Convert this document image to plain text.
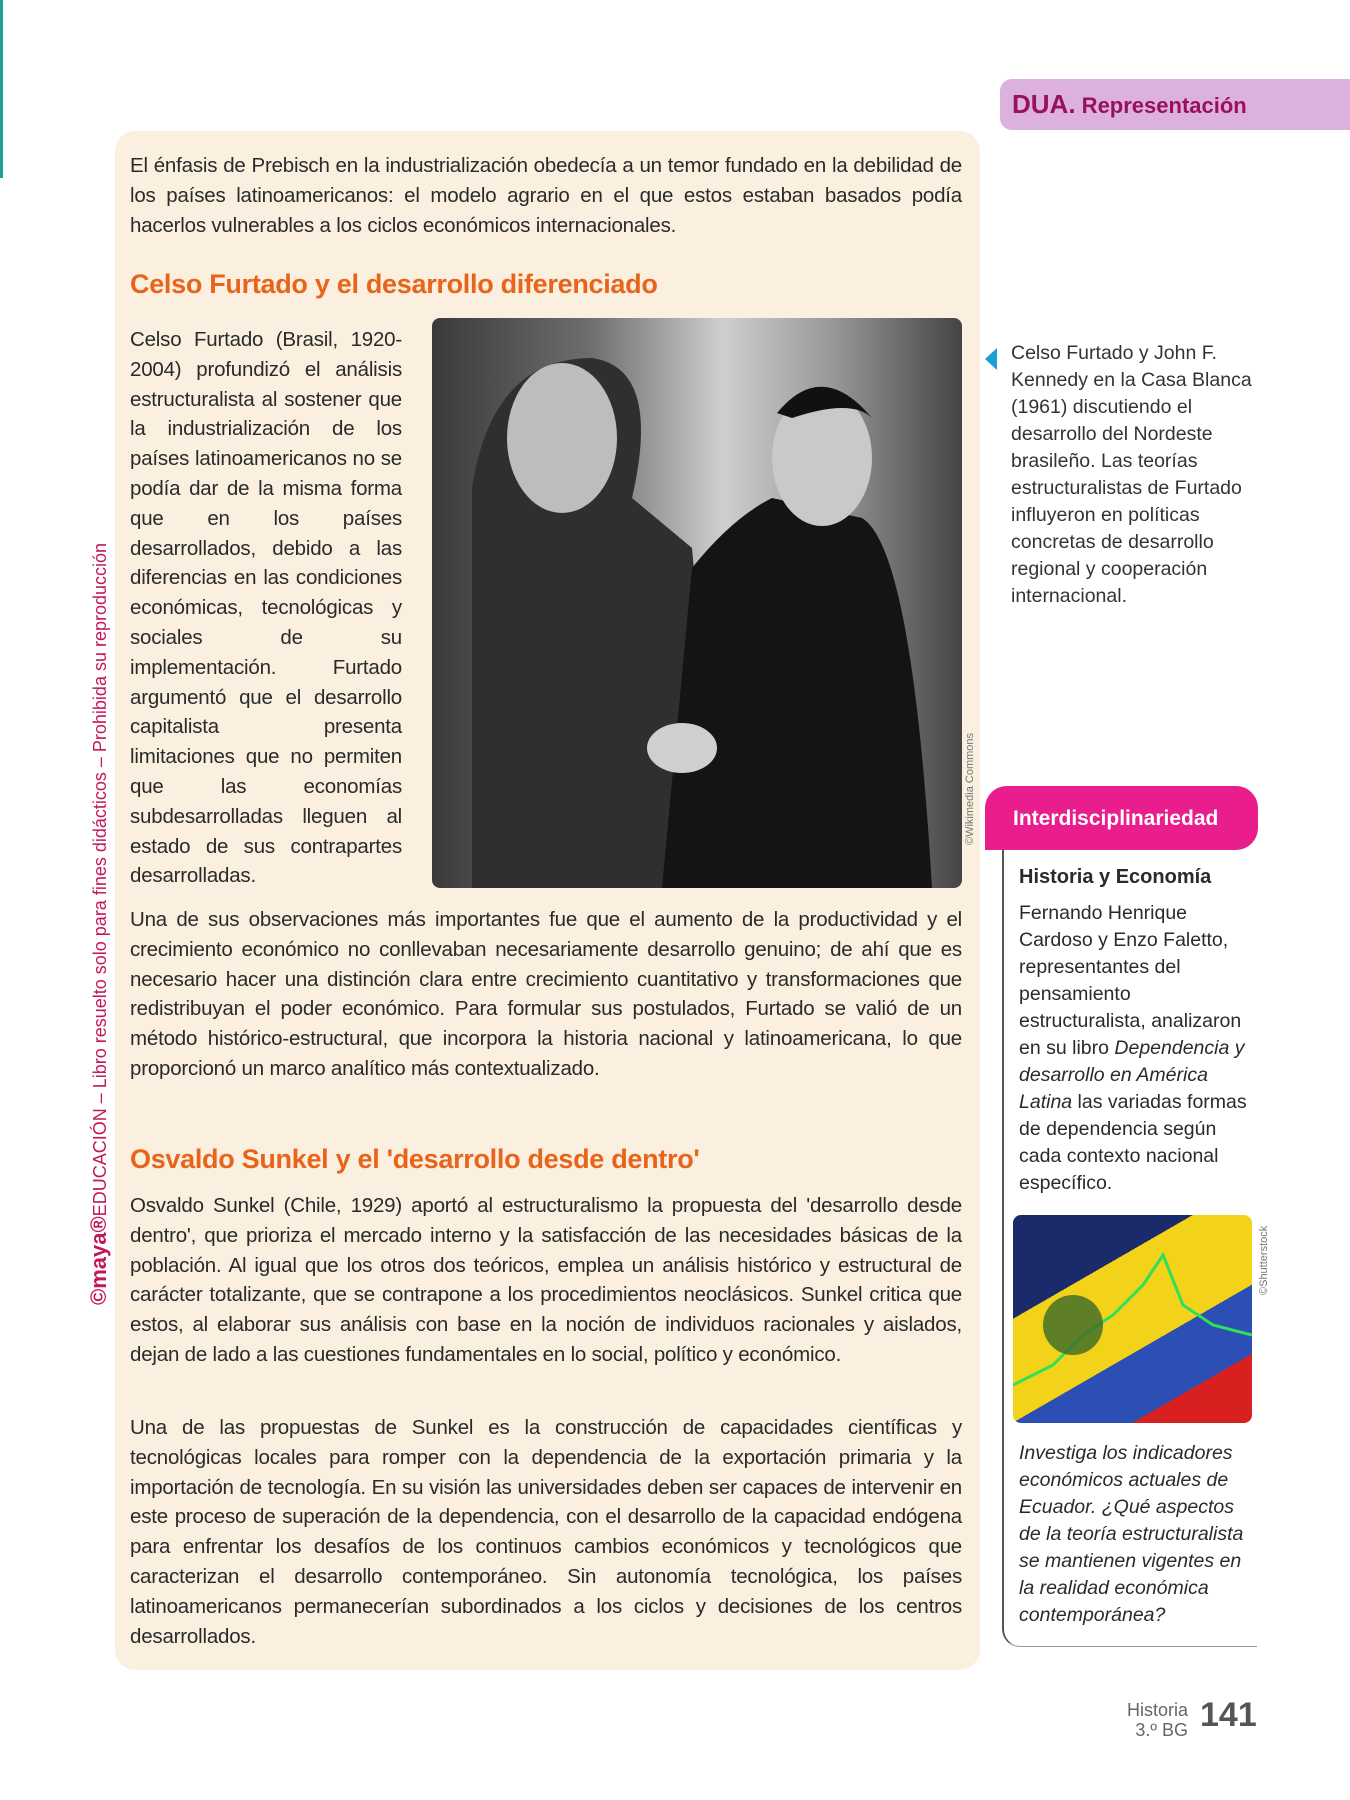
DUA. Representación

El énfasis de Prebisch en la industrialización obedecía a un temor fundado en la debilidad de los países latinoamericanos: el modelo agrario en el que estos estaban basados podía hacerlos vulnerables a los ciclos económicos internacionales.

Celso Furtado y el desarrollo diferenciado

Celso Furtado (Brasil, 1920-2004) profundizó el análisis estructuralista al sostener que la industrialización de los países latinoamericanos no se podía dar de la misma forma que en los países desarrollados, debido a las diferencias en las condiciones económicas, tecnológicas y sociales de su implementación. Furtado argumentó que el desarrollo capitalista presenta limitaciones que no permiten que las economías subdesarrolladas lleguen al estado de sus contrapartes desarrolladas.

©Wikimedia Commons

Celso Furtado y John F. Kennedy en la Casa Blanca (1961) discutiendo el desarrollo del Nordeste brasileño. Las teorías estructuralistas de Furtado influyeron en políticas concretas de desarrollo regional y cooperación internacional.

Una de sus observaciones más importantes fue que el aumento de la productividad y el crecimiento económico no conllevaban necesariamente desarrollo genuino; de ahí que es necesario hacer una distinción clara entre crecimiento cuantitativo y transformaciones que redistribuyan el poder económico. Para formular sus postulados, Furtado se valió de un método histórico-estructural, que incorpora la historia nacional y latinoamericana, lo que proporcionó un marco analítico más contextualizado.

Osvaldo Sunkel y el 'desarrollo desde dentro'

Osvaldo Sunkel (Chile, 1929) aportó al estructuralismo la propuesta del 'desarrollo desde dentro', que prioriza el mercado interno y la satisfacción de las necesidades básicas de la población. Al igual que los otros dos teóricos, emplea un análisis histórico y estructural de carácter totalizante, que se contrapone a los procedimientos neoclásicos. Sunkel critica que estos, al elaborar sus análisis con base en la noción de individuos racionales y aislados, dejan de lado a las cuestiones fundamentales en lo social, político y económico.

Una de las propuestas de Sunkel es la construcción de capacidades científicas y tecnológicas locales para romper con la dependencia de la exportación primaria y la importación de tecnología. En su visión las universidades deben ser capaces de intervenir en este proceso de superación de la dependencia, con el desarrollo de la capacidad endógena para enfrentar los desafíos de los continuos cambios económicos y tecnológicos que caracterizan el desarrollo contemporáneo. Sin autonomía tecnológica, los países latinoamericanos permanecerían subordinados a los ciclos y decisiones de los centros desarrollados.

©maya®EDUCACIÓN – Libro resuelto solo para fines didácticos – Prohibida su reproducción	Interdisciplinariedad
Historia y Economía

Fernando Henrique Cardoso y Enzo Faletto, representantes del pensamiento estructuralista, analizaron en su libro Dependencia y desarrollo en América Latina las variadas formas de dependencia según cada contexto nacional específico.

©Shutterstock

Investiga los indicadores económicos actuales de Ecuador. ¿Qué aspectos de la teoría estructuralista se mantienen vigentes en la realidad económica contemporánea?

Historia
3.º BG 141
